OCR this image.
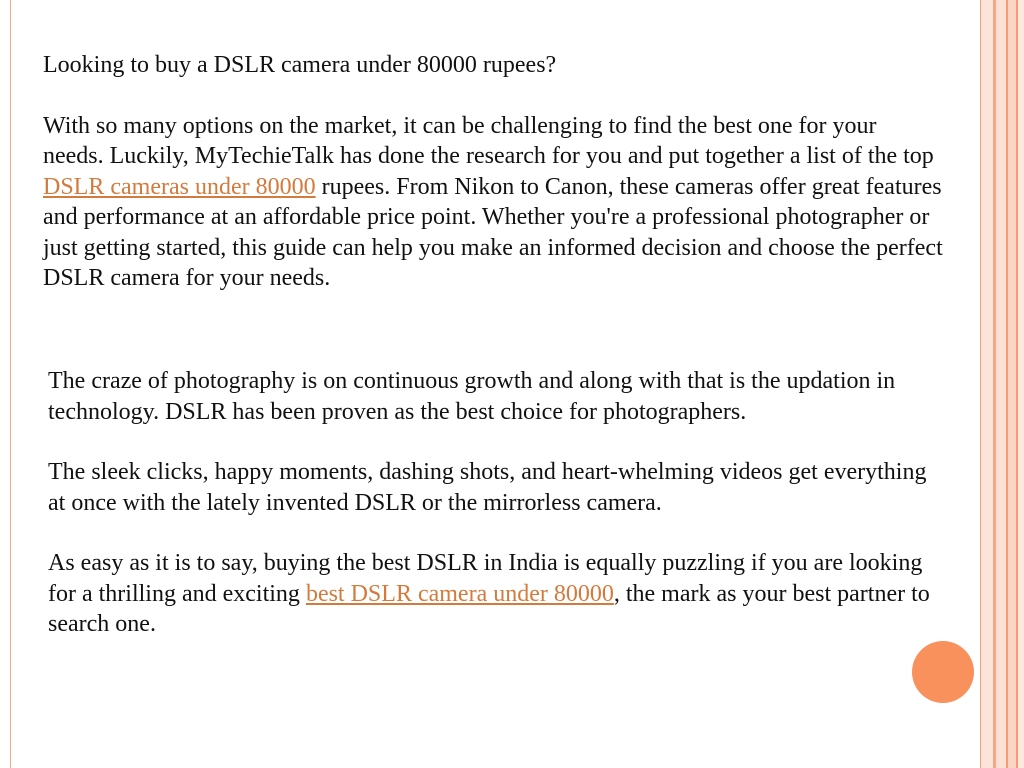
Looking to buy a DSLR camera under 80000 rupees?

With so many options on the market, it can be challenging to find the best one for your needs. Luckily, MyTechieTalk has done the research for you and put together a list of the top DSLR cameras under 80000 rupees. From Nikon to Canon, these cameras offer great features and performance at an affordable price point. Whether you're a professional photographer or just getting started, this guide can help you make an informed decision and choose the perfect DSLR camera for your needs.

The craze of photography is on continuous growth and along with that is the updation in technology. DSLR has been proven as the best choice for photographers.

The sleek clicks, happy moments, dashing shots, and heart-whelming videos get everything at once with the lately invented DSLR or the mirrorless camera.

As easy as it is to say, buying the best DSLR in India is equally puzzling if you are looking for a thrilling and exciting best DSLR camera under 80000, the mark as your best partner to search one.
